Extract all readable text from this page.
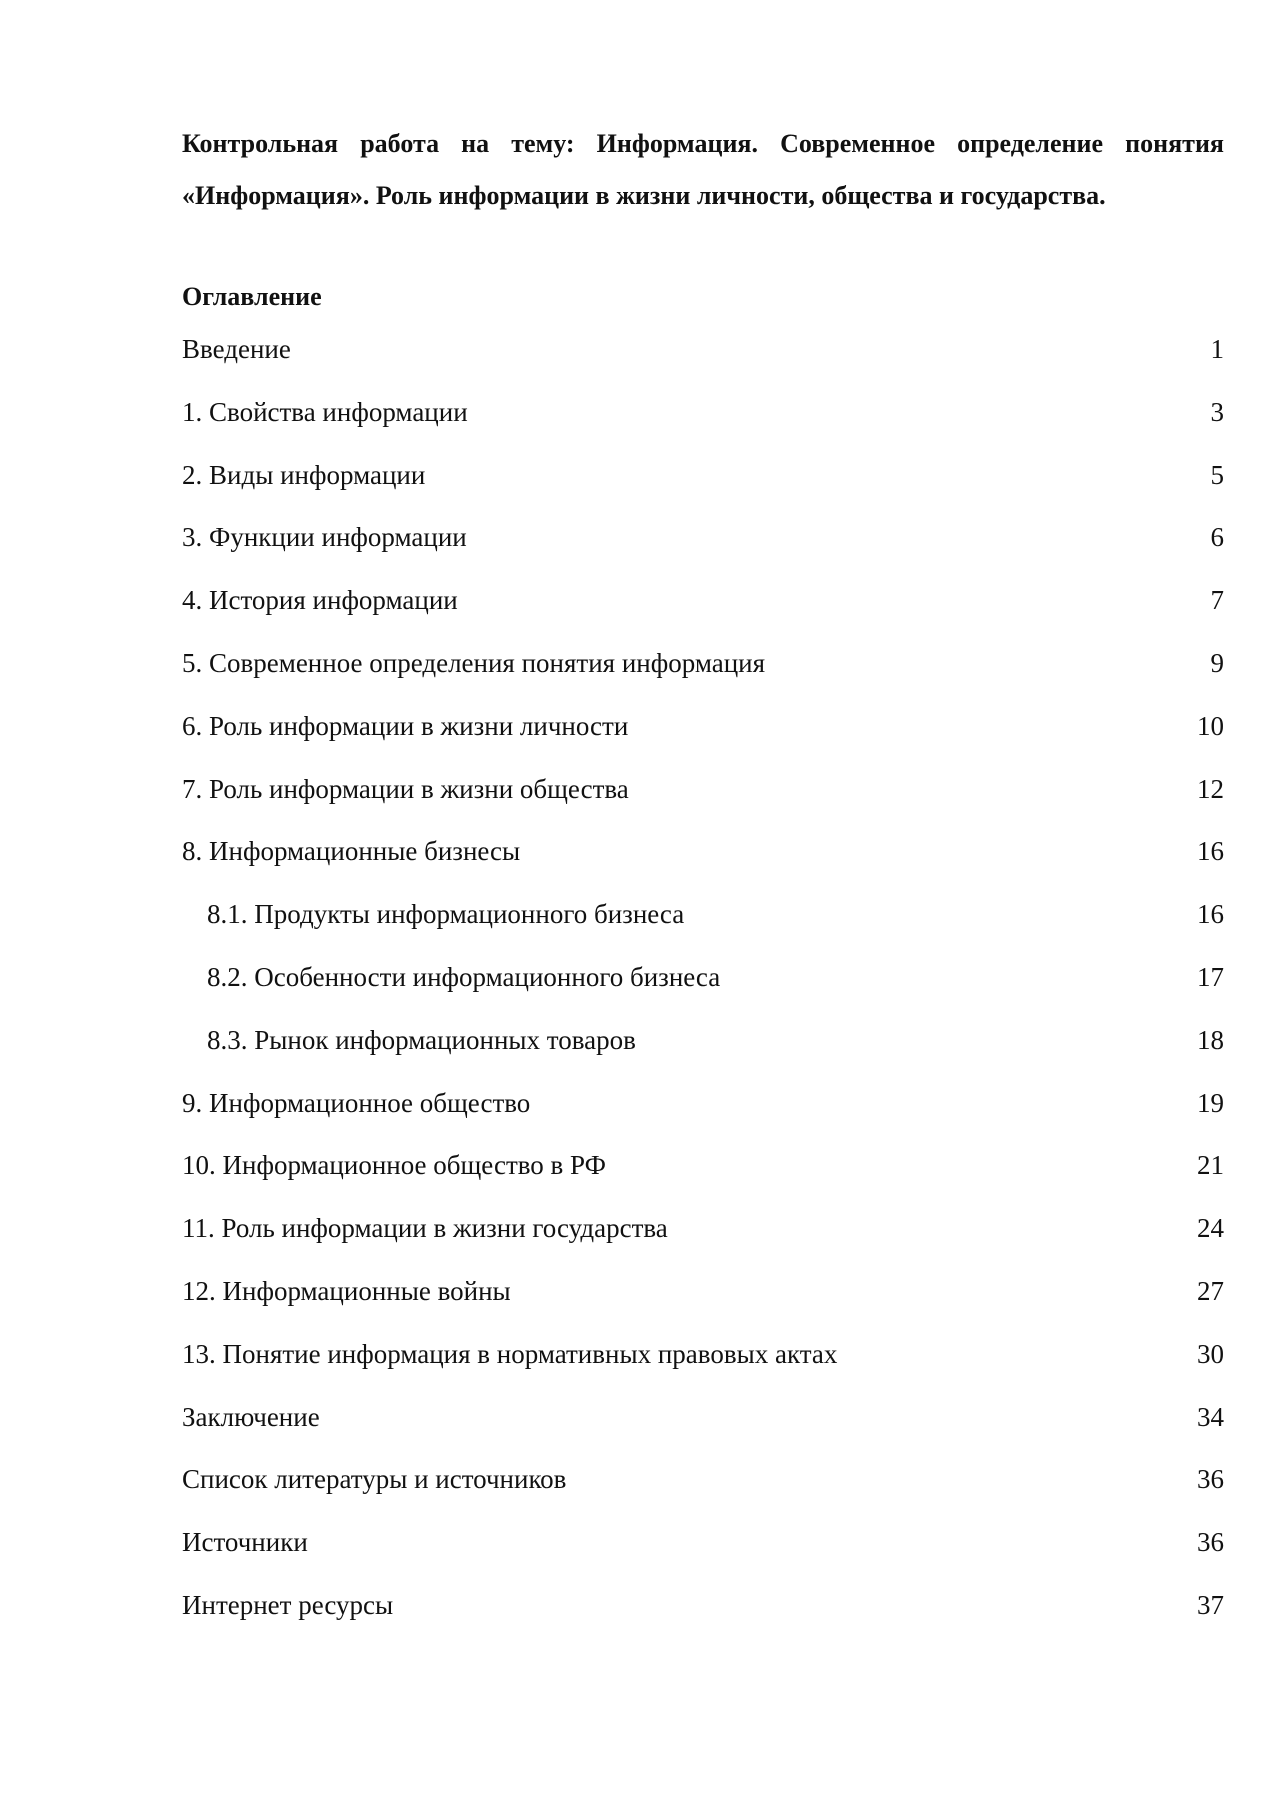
Контрольная работа на тему: Информация. Современное определение понятия «Информация». Роль информации в жизни личности, общества и государства.

Оглавление

Введение	1
1. Свойства информации	3
2. Виды информации	5
3. Функции информации	6
4. История информации	7
5. Современное определения понятия информация	9
6. Роль информации в жизни личности	10
7. Роль информации в жизни общества	12
8. Информационные бизнесы	16
8.1. Продукты информационного бизнеса	16
8.2. Особенности информационного бизнеса	17
8.3. Рынок информационных товаров	18
9. Информационное общество	19
10. Информационное общество в РФ	21
11. Роль информации в жизни государства	24
12. Информационные войны	27
13. Понятие информация в нормативных правовых актах	30
Заключение	34
Список литературы и источников	36
Источники	36
Интернет ресурсы	37
